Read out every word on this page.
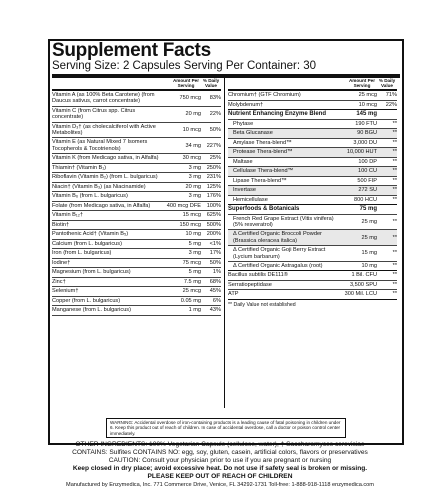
Supplement Facts
Serving Size: 2 Capsules Serving Per Container: 30
Amount Per Serving
% Daily Value
Vitamin A (as 100% Beta Carotene) (from Daucus sativus, carrot concentrate)
750 mcg	83%
Vitamin C (from Citrus spp. Citrus concentrate)
20 mg	22%
Vitamin D₃† (as cholecalciferol with Active Metabolites)
10 mcg	50%
Vitamin E (as Natural Mixed 7 Isomers Tocopherols & Tocotrienols)
34 mg	227%
Vitamin K (from Medicago sativa, in Alfalfa)	30 mcg	25%
Thiamin† (Vitamin B₁)	3 mg	250%
Riboflavin (Vitamin B₂) (from L. bulgaricus)	3 mg	231%
Niacin† (Vitamin B₃) (as Niacinamide)	20 mg	125%
Vitamin B₆ (from L. bulgaricus)	3 mg	176%
Folate (from Medicago sativa, in Alfalfa)	400 mcg DFE	100%
Vitamin B₁₂†	15 mcg	625%
Biotin†	150 mcg	500%
Pantothenic Acid† (Vitamin B₅)	10 mg	200%
Calcium (from L. bulgaricus)	5 mg	<1%
Iron (from L. bulgaricus)	3 mg	17%
Iodine†	75 mcg	50%
Magnesium (from L. bulgaricus)	5 mg	1%
Zinc†	7.5 mg	68%
Selenium†	25 mcg	45%
Copper (from L. bulgaricus)	0.05 mg	6%
Manganese (from L. bulgaricus)	1 mg	43%
Amount Per Serving
% Daily Value
Chromium† (GTF Chromium)	25 mcg	71%
Molybdenum†	10 mcg	22%
Nutrient Enhancing Enzyme Blend	145 mg
Phytase	190 FTU	**
Beta Glucanase	90 BGU	**
Amylase Thera-blend™	3,000 DU	**
Protease Thera-blend™	10,000 HUT	**
Maltase	100 DP	**
Cellulase Thera-blend™	100 CU	**
Lipase Thera-blend™	500 FIP	**
Invertase	272 SU	**
Hemicellulase	800 HCU	**
Superfoods & Botanicals	75 mg
French Red Grape Extract (Vitis vinifera) (5% resveratrol)
25 mg	**
Δ Certified Organic Broccoli Powder (Brassica oleracea italica)
25 mg	**
Δ Certified Organic Goji Berry Extract (Lycium barbarum)
15 mg	**
Δ Certified Organic Astragalus (root)	10 mg	**
Bacillus subtilis DE111®	1 Bil. CFU	**
Serratiopeptidase	3,500 SPU	**
ATP	300 Mil. LCU	**
** Daily Value not established
WARNING: Accidental overdose of iron-containing products is a leading cause of fatal poisoning in children under 6. Keep this product out of reach of children. In case of accidental overdose, call a doctor or poison control center immediately.
OTHER INGREDIENTS: 100% Vegetarian Capsule (cellulose, water), † Saccharomyces cerevisiae
CONTAINS: Sulfites CONTAINS NO: egg, soy, gluten, casein, artificial colors, flavors or preservatives
CAUTION: Consult your physician prior to use if you are pregnant or nursing
Keep closed in dry place; avoid excessive heat. Do not use if safety seal is broken or missing.
PLEASE KEEP OUT OF REACH OF CHILDREN
Manufactured by Enzymedica, Inc. 771 Commerce Drive, Venice, FL 34292-1731 Toll-free: 1-888-918-1118 enzymedica.com
